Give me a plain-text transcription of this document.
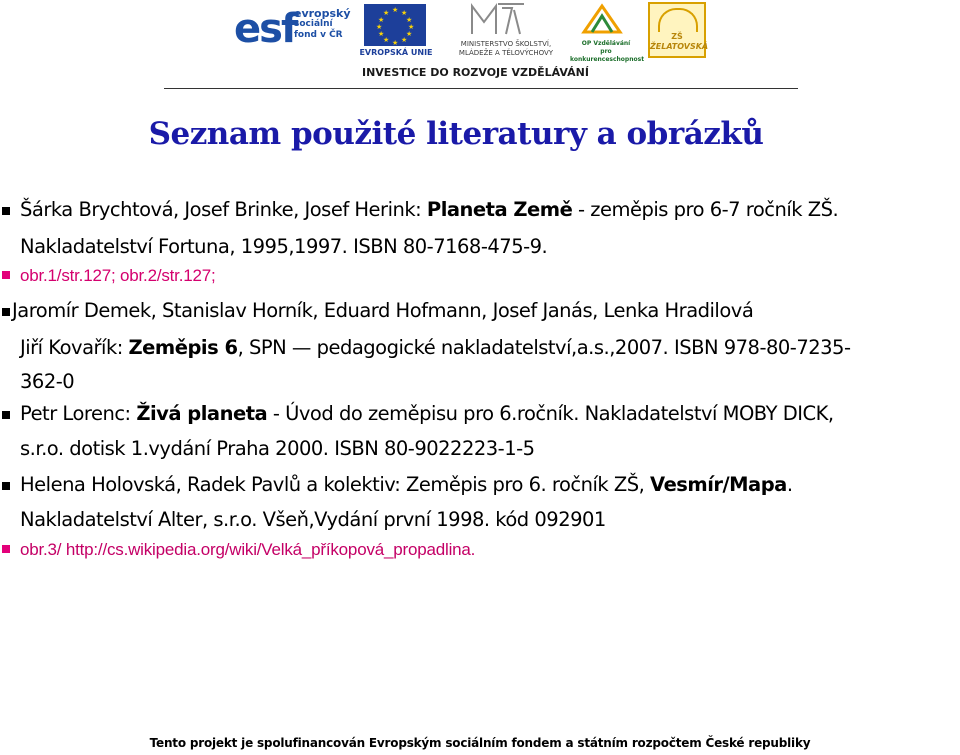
esf
evropský
sociální
fond v ČR
★ ★
★
★
★
★
★
★
★
★
★
★
EVROPSKÁ UNIE
MINISTERSTVO ŠKOLSTVÍ,
MLÁDEŽE A TĚLOVÝCHOVY
OP Vzdělávání
pro konkurenceschopnost
ZŠ
ŽELATOVSKÁ
INVESTICE DO ROZVOJE VZDĚLÁVÁNÍ
Seznam použité literatury a obrázků
Šárka Brychtová, Josef Brinke, Josef Herink: Planeta Země - zeměpis pro 6-7 ročník ZŠ.
Nakladatelství Fortuna, 1995,1997. ISBN 80-7168-475-9.
obr.1/str.127; obr.2/str.127;
Jaromír Demek, Stanislav Horník, Eduard Hofmann, Josef Janás, Lenka Hradilová
Jiří Kovařík: Zeměpis 6, SPN — pedagogické nakladatelství,a.s.,2007. ISBN 978-80-7235-
362-0
Petr Lorenc: Živá planeta - Úvod do zeměpisu pro 6.ročník. Nakladatelství MOBY DICK,
s.r.o. dotisk 1.vydání Praha 2000. ISBN 80-9022223-1-5
Helena Holovská, Radek Pavlů a kolektiv: Zeměpis pro 6. ročník ZŠ, Vesmír/Mapa.
Nakladatelství Alter, s.r.o. Všeň,Vydání první 1998. kód 092901
obr.3/ http://cs.wikipedia.org/wiki/Velká_příkopová_propadlina.
Tento projekt je spolufinancován Evropským sociálním fondem a státním rozpočtem České republiky
